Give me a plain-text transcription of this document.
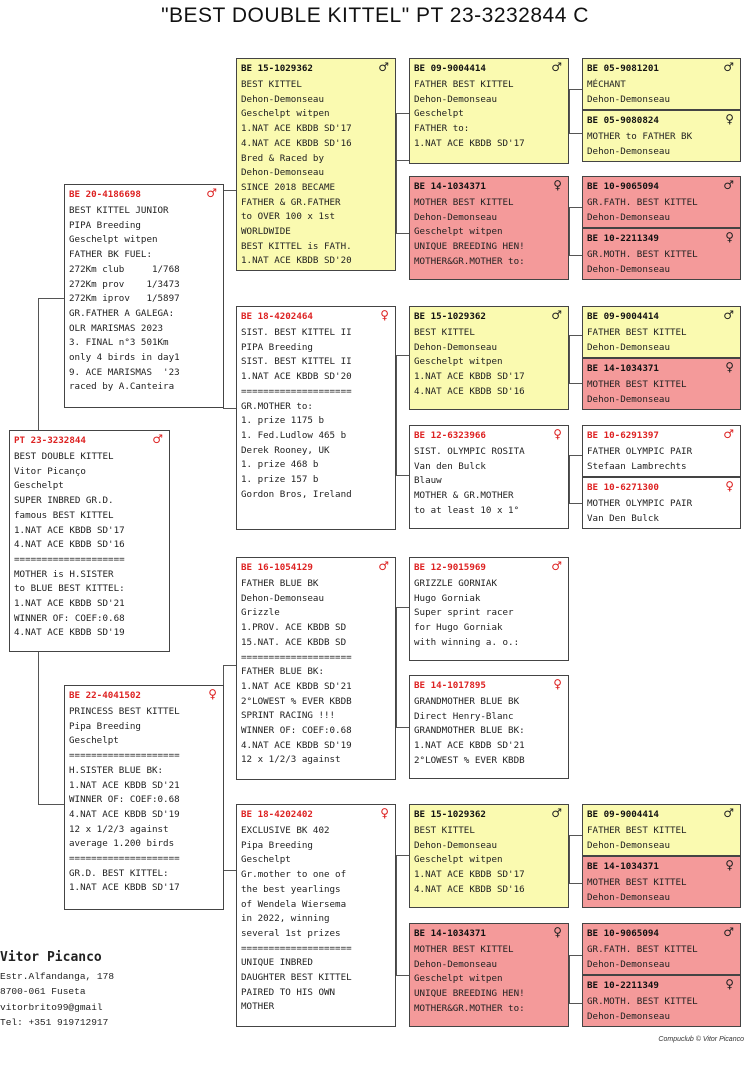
"BEST DOUBLE KITTEL" PT 23-3232844 C
PT 23-3232844	♂
BEST DOUBLE KITTEL
Vitor Picanço
Geschelpt
SUPER INBRED GR.D.
famous BEST KITTEL
1.NAT ACE KBDB SD'17
4.NAT ACE KBDB SD'16
====================
MOTHER is H.SISTER
to BLUE BEST KITTEL:
1.NAT ACE KBDB SD'21
WINNER OF: COEF:0.68
4.NAT ACE KBDB SD'19
BE 20-4186698	♂
BEST KITTEL JUNIOR
PIPA Breeding
Geschelpt witpen
FATHER BK FUEL:
272Km club     1/768
272Km prov    1/3473
272Km iprov   1/5897
GR.FATHER A GALEGA:
OLR MARISMAS 2023
3. FINAL n°3 501Km
only 4 birds in day1
9. ACE MARISMAS  '23
raced by A.Canteira
BE 22-4041502	♀
PRINCESS BEST KITTEL
Pipa Breeding
Geschelpt
====================
H.SISTER BLUE BK:
1.NAT ACE KBDB SD'21
WINNER OF: COEF:0.68
4.NAT ACE KBDB SD'19
12 x 1/2/3 against
average 1.200 birds
====================
GR.D. BEST KITTEL:
1.NAT ACE KBDB SD'17
BE 15-1029362	♂
BEST KITTEL
Dehon-Demonseau
Geschelpt witpen
1.NAT ACE KBDB SD'17
4.NAT ACE KBDB SD'16
Bred & Raced by
Dehon-Demonseau
SINCE 2018 BECAME
FATHER & GR.FATHER
to OVER 100 x 1st
WORLDWIDE
BEST KITTEL is FATH.
1.NAT ACE KBDB SD'20
BE 18-4202464	♀
SIST. BEST KITTEL II
PIPA Breeding
SIST. BEST KITTEL II
1.NAT ACE KBDB SD'20
====================
GR.MOTHER to:
1. prize 1175 b
1. Fed.Ludlow 465 b
Derek Rooney, UK
1. prize 468 b
1. prize 157 b
Gordon Bros, Ireland
BE 16-1054129	♂
FATHER BLUE BK
Dehon-Demonseau
Grizzle
1.PROV. ACE KBDB SD
15.NAT. ACE KBDB SD
====================
FATHER BLUE BK:
1.NAT ACE KBDB SD'21
2°LOWEST % EVER KBDB
SPRINT RACING !!!
WINNER OF: COEF:0.68
4.NAT ACE KBDB SD'19
12 x 1/2/3 against
BE 18-4202402	♀
EXCLUSIVE BK 402
Pipa Breeding
Geschelpt
Gr.mother to one of
the best yearlings
of Wendela Wiersema
in 2022, winning
several 1st prizes
====================
UNIQUE INBRED
DAUGHTER BEST KITTEL
PAIRED TO HIS OWN
MOTHER
BE 09-9004414	♂
FATHER BEST KITTEL
Dehon-Demonseau
Geschelpt
FATHER to:
1.NAT ACE KBDB SD'17
BE 14-1034371	♀
MOTHER BEST KITTEL
Dehon-Demonseau
Geschelpt witpen
UNIQUE BREEDING HEN!
MOTHER&GR.MOTHER to:
BE 15-1029362	♂
BEST KITTEL
Dehon-Demonseau
Geschelpt witpen
1.NAT ACE KBDB SD'17
4.NAT ACE KBDB SD'16
BE 12-6323966	♀
SIST. OLYMPIC ROSITA
Van den Bulck
Blauw
MOTHER & GR.MOTHER
to at least 10 x 1°
BE 12-9015969	♂
GRIZZLE GORNIAK
Hugo Gorniak
Super sprint racer
for Hugo Gorniak
with winning a. o.:
BE 14-1017895	♀
GRANDMOTHER BLUE BK
Direct Henry-Blanc
GRANDMOTHER BLUE BK:
1.NAT ACE KBDB SD'21
2°LOWEST % EVER KBDB
BE 15-1029362	♂
BEST KITTEL
Dehon-Demonseau
Geschelpt witpen
1.NAT ACE KBDB SD'17
4.NAT ACE KBDB SD'16
BE 14-1034371	♀
MOTHER BEST KITTEL
Dehon-Demonseau
Geschelpt witpen
UNIQUE BREEDING HEN!
MOTHER&GR.MOTHER to:
BE 05-9081201	♂
MÉCHANT
Dehon-Demonseau
BE 05-9080824	♀
MOTHER to FATHER BK
Dehon-Demonseau
BE 10-9065094	♂
GR.FATH. BEST KITTEL
Dehon-Demonseau
BE 10-2211349	♀
GR.MOTH. BEST KITTEL
Dehon-Demonseau
BE 09-9004414	♂
FATHER BEST KITTEL
Dehon-Demonseau
BE 14-1034371	♀
MOTHER BEST KITTEL
Dehon-Demonseau
BE 10-6291397	♂
FATHER OLYMPIC PAIR
Stefaan Lambrechts
BE 10-6271300	♀
MOTHER OLYMPIC PAIR
Van Den Bulck
BE 09-9004414	♂
FATHER BEST KITTEL
Dehon-Demonseau
BE 14-1034371	♀
MOTHER BEST KITTEL
Dehon-Demonseau
BE 10-9065094	♂
GR.FATH. BEST KITTEL
Dehon-Demonseau
BE 10-2211349	♀
GR.MOTH. BEST KITTEL
Dehon-Demonseau
Vitor Picanco
Estr.Alfandanga, 178
8700-061 Fuseta
vitorbrito99@gmail
Tel: +351 919712917
Compuclub © Vitor Picanco
